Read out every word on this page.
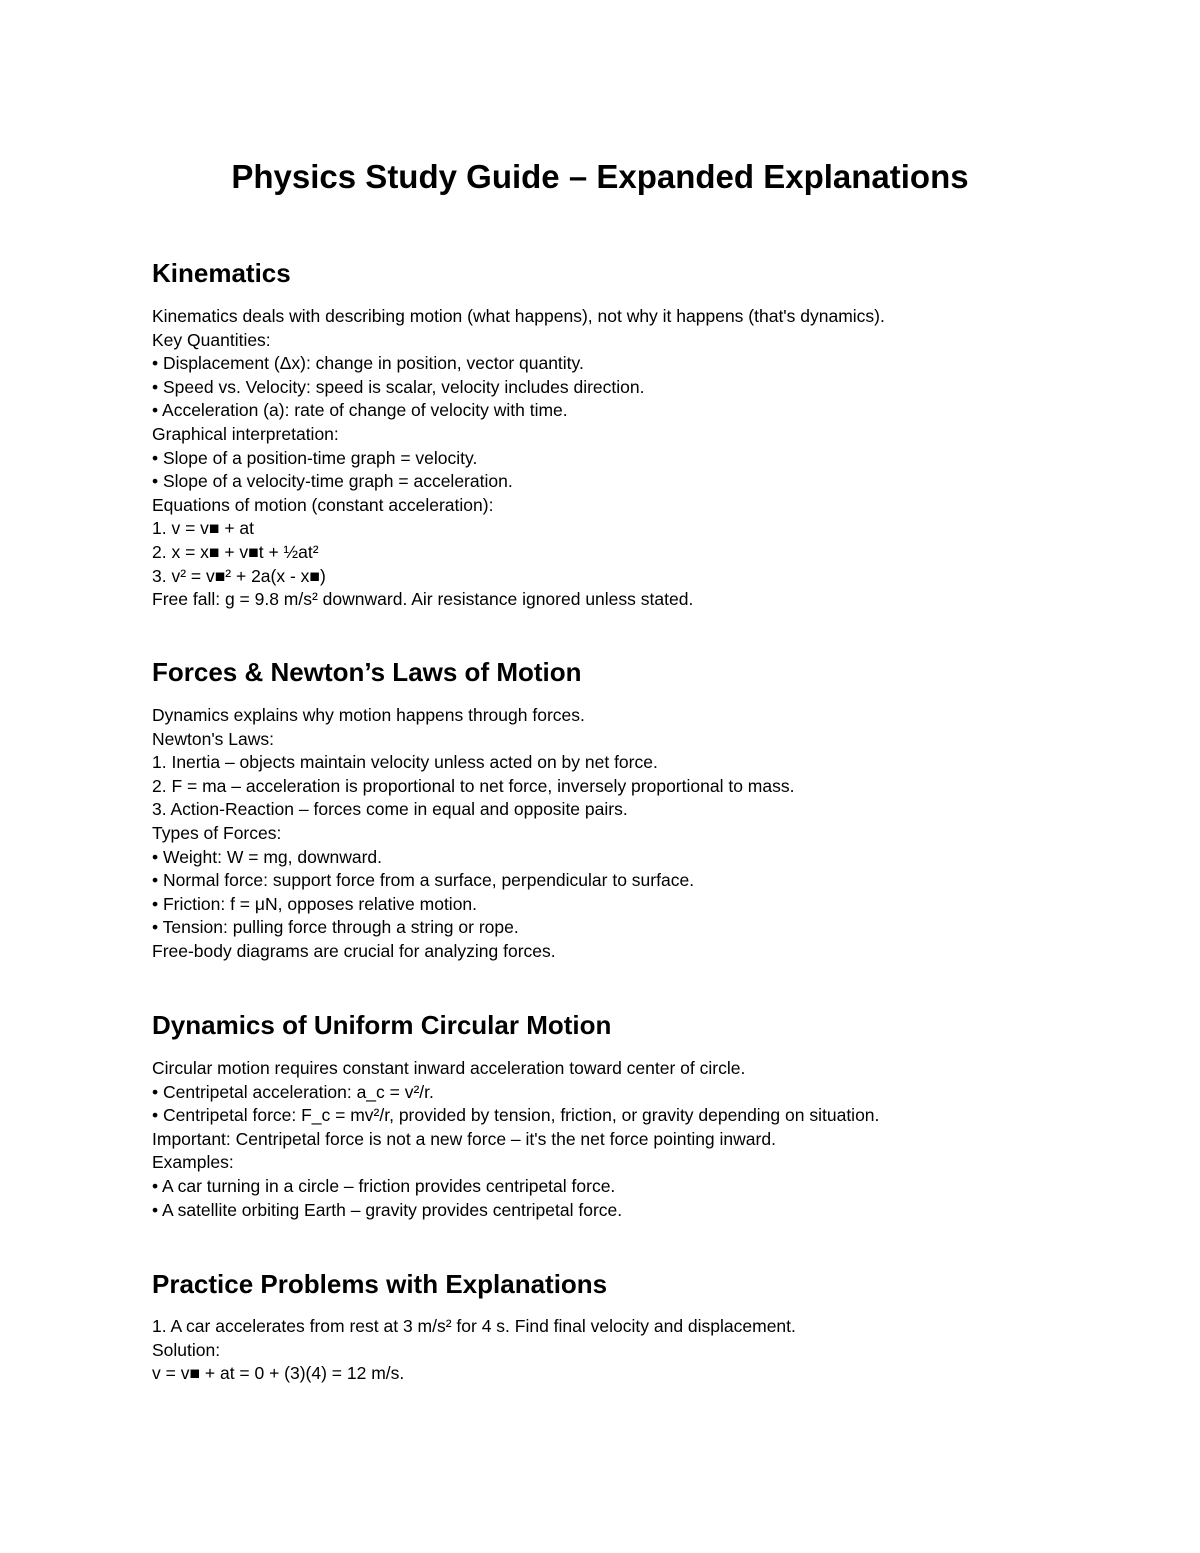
Physics Study Guide – Expanded Explanations
Kinematics
Kinematics deals with describing motion (what happens), not why it happens (that's dynamics).
Key Quantities:
• Displacement (Δx): change in position, vector quantity.
• Speed vs. Velocity: speed is scalar, velocity includes direction.
• Acceleration (a): rate of change of velocity with time.
Graphical interpretation:
• Slope of a position-time graph = velocity.
• Slope of a velocity-time graph = acceleration.
Equations of motion (constant acceleration):
1. v = v■ + at
2. x = x■ + v■t + ½at²
3. v² = v■² + 2a(x - x■)
Free fall: g = 9.8 m/s² downward. Air resistance ignored unless stated.
Forces & Newton’s Laws of Motion
Dynamics explains why motion happens through forces.
Newton's Laws:
1. Inertia – objects maintain velocity unless acted on by net force.
2. F = ma – acceleration is proportional to net force, inversely proportional to mass.
3. Action-Reaction – forces come in equal and opposite pairs.
Types of Forces:
• Weight: W = mg, downward.
• Normal force: support force from a surface, perpendicular to surface.
• Friction: f = μN, opposes relative motion.
• Tension: pulling force through a string or rope.
Free-body diagrams are crucial for analyzing forces.
Dynamics of Uniform Circular Motion
Circular motion requires constant inward acceleration toward center of circle.
• Centripetal acceleration: a_c = v²/r.
• Centripetal force: F_c = mv²/r, provided by tension, friction, or gravity depending on situation.
Important: Centripetal force is not a new force – it's the net force pointing inward.
Examples:
• A car turning in a circle – friction provides centripetal force.
• A satellite orbiting Earth – gravity provides centripetal force.
Practice Problems with Explanations
1. A car accelerates from rest at 3 m/s² for 4 s. Find final velocity and displacement.
Solution:
v = v■ + at = 0 + (3)(4) = 12 m/s.
